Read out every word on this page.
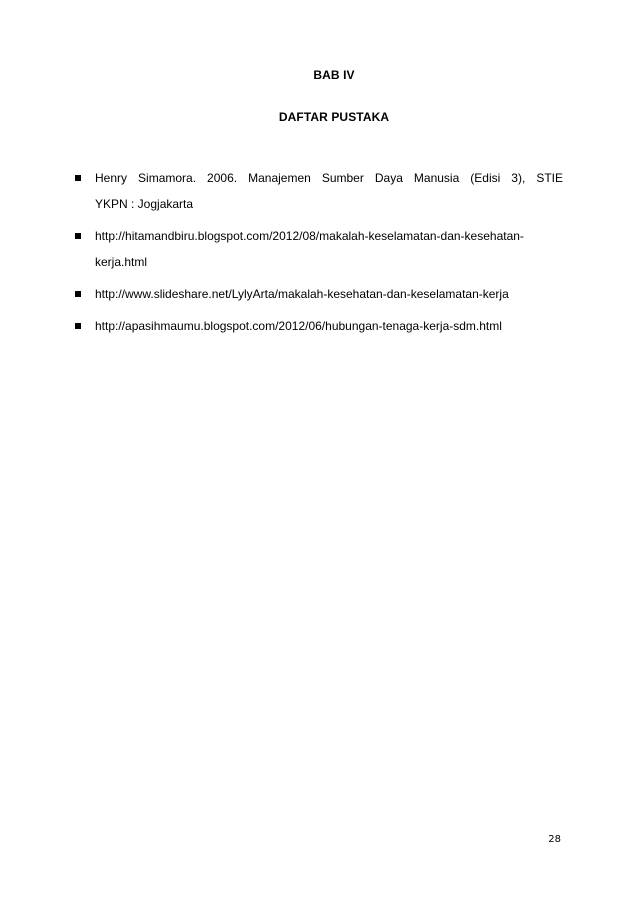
BAB IV
DAFTAR PUSTAKA
Henry Simamora. 2006. Manajemen Sumber Daya Manusia (Edisi 3), STIE
YKPN : Jogjakarta
http://hitamandbiru.blogspot.com/2012/08/makalah-keselamatan-dan-kesehatan-
kerja.html
http://www.slideshare.net/LylyArta/makalah-kesehatan-dan-keselamatan-kerja
http://apasihmaumu.blogspot.com/2012/06/hubungan-tenaga-kerja-sdm.html
28
